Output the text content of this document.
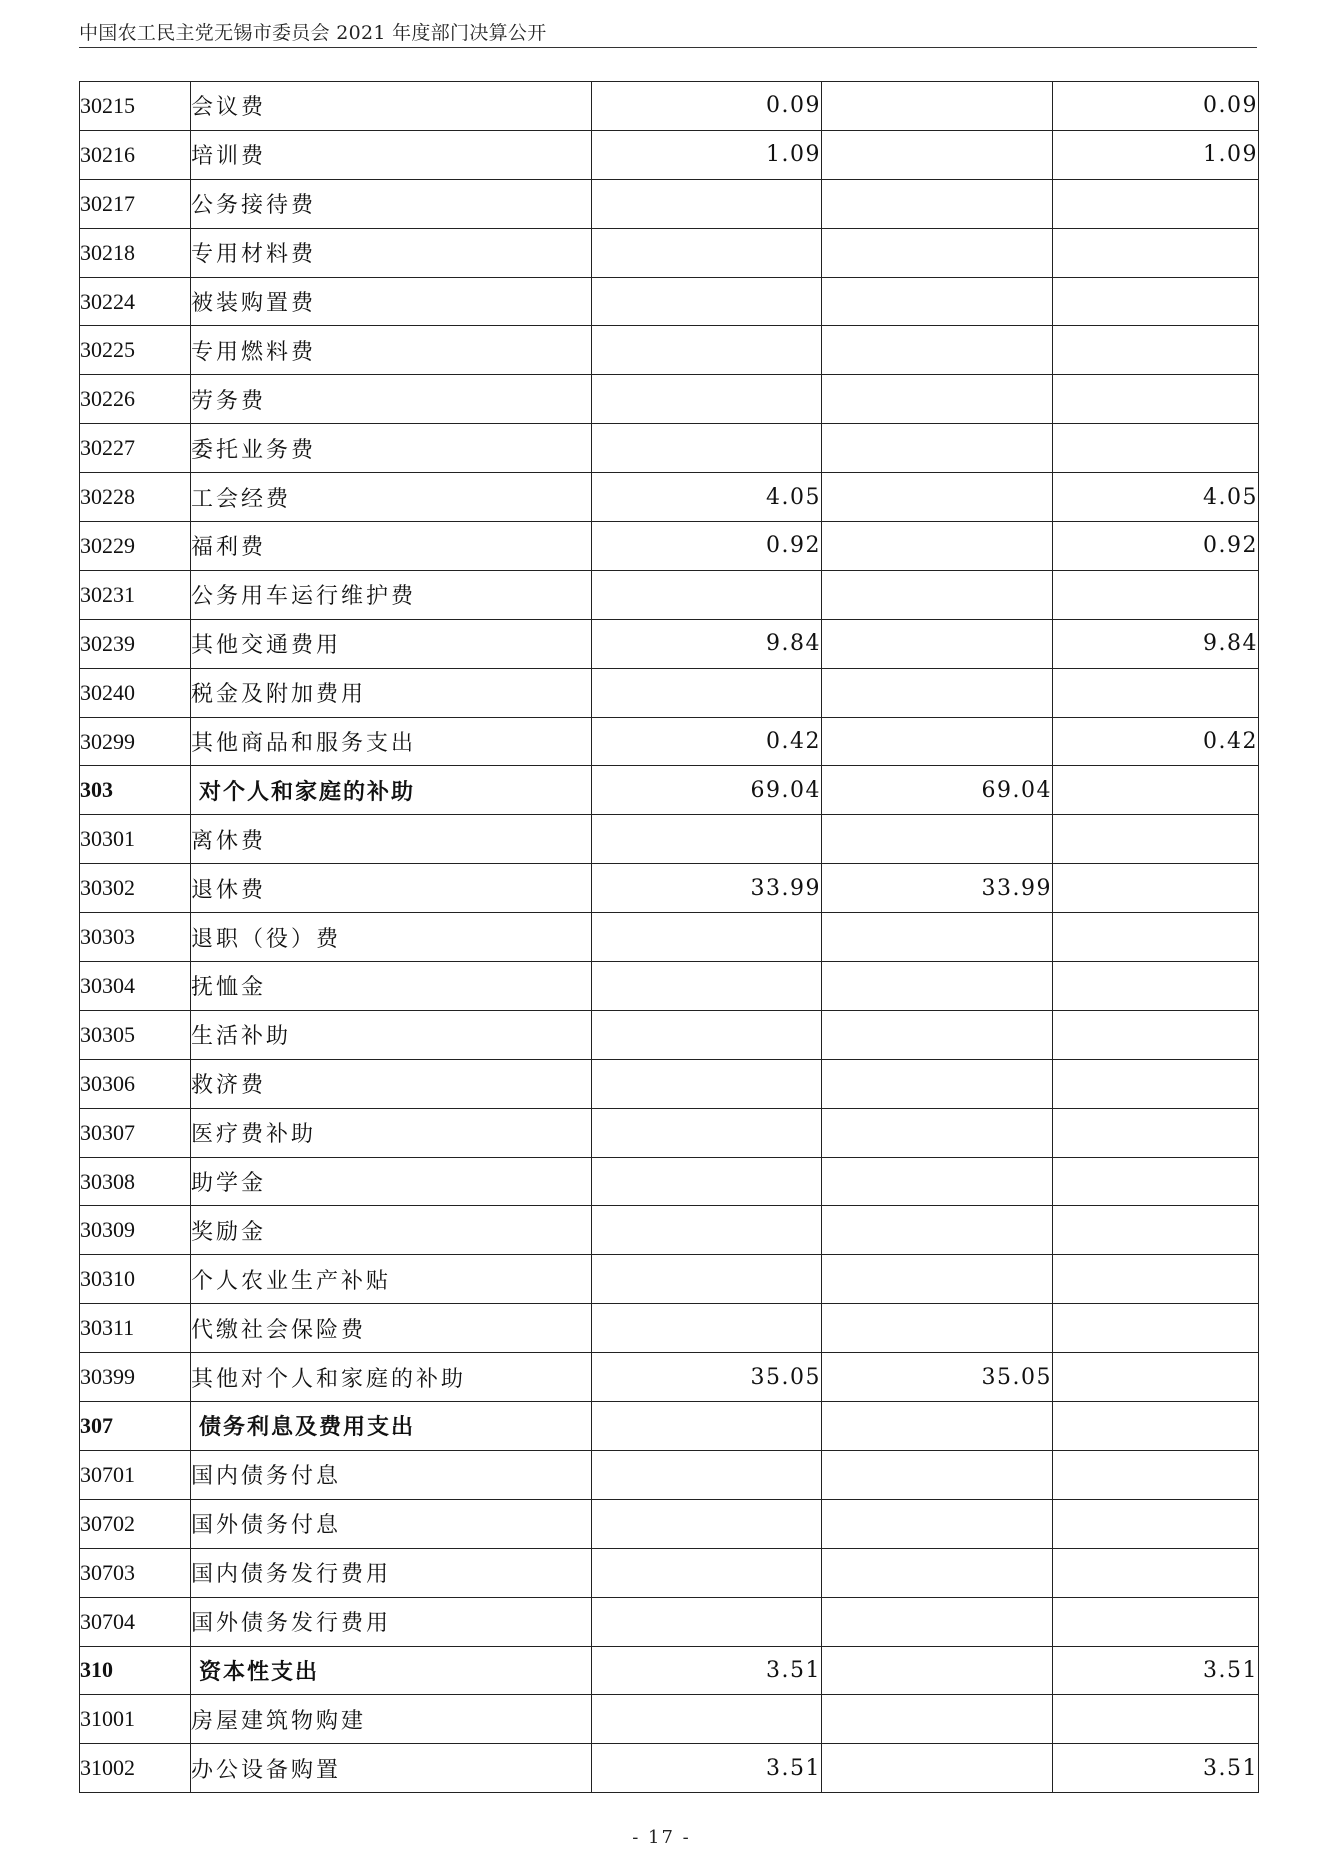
中国农工民主党无锡市委员会 2021 年度部门决算公开
30215	会议费	0.09		0.09
30216	培训费	1.09		1.09
30217	公务接待费			
30218	专用材料费			
30224	被装购置费			
30225	专用燃料费			
30226	劳务费			
30227	委托业务费			
30228	工会经费	4.05		4.05
30229	福利费	0.92		0.92
30231	公务用车运行维护费			
30239	其他交通费用	9.84		9.84
30240	税金及附加费用			
30299	其他商品和服务支出	0.42		0.42
303	对个人和家庭的补助	69.04	69.04	
30301	离休费			
30302	退休费	33.99	33.99	
30303	退职（役）费			
30304	抚恤金			
30305	生活补助			
30306	救济费			
30307	医疗费补助			
30308	助学金			
30309	奖励金			
30310	个人农业生产补贴			
30311	代缴社会保险费			
30399	其他对个人和家庭的补助	35.05	35.05	
307	债务利息及费用支出			
30701	国内债务付息			
30702	国外债务付息			
30703	国内债务发行费用			
30704	国外债务发行费用			
310	资本性支出	3.51		3.51
31001	房屋建筑物购建			
31002	办公设备购置	3.51		3.51
- 17 -
